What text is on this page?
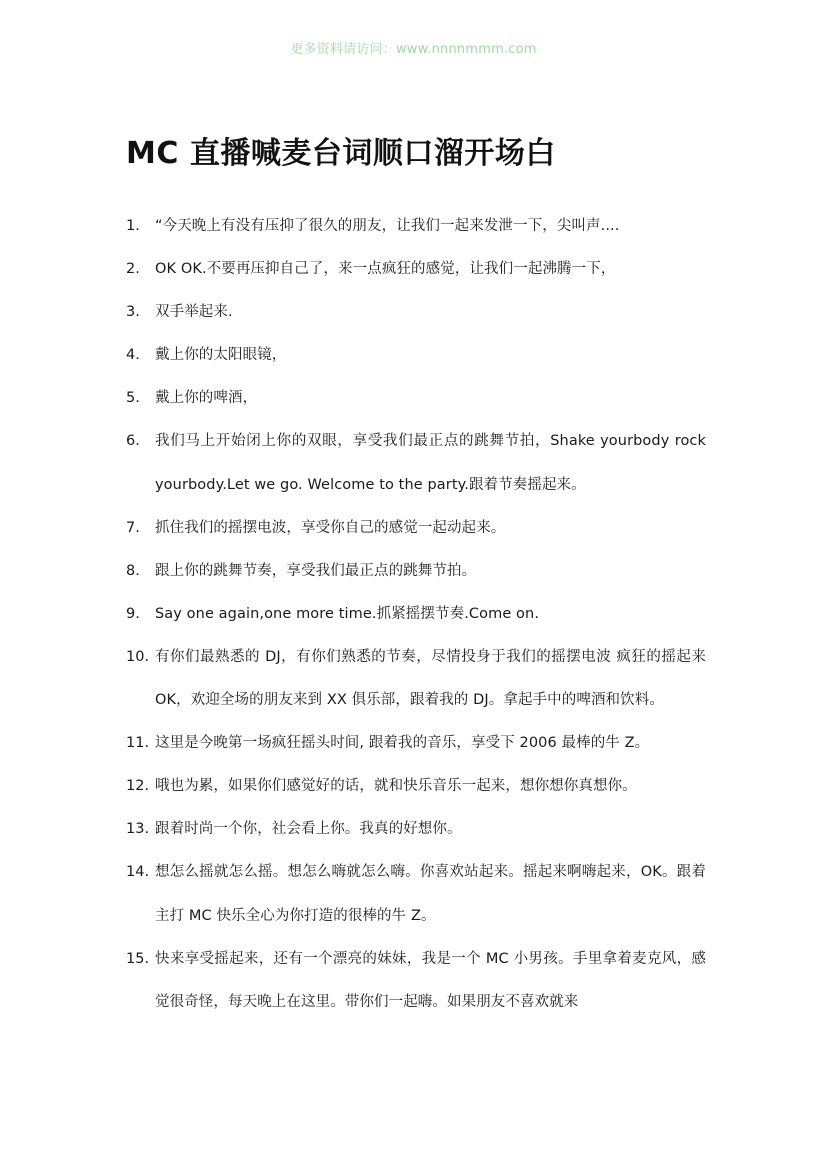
更多资料请访问：www.nnnnmmm.com
MC 直播喊麦台词顺口溜开场白
1.	“今天晚上有没有压抑了很久的朋友，让我们一起来发泄一下，尖叫声....
2.	OK OK.不要再压抑自己了，来一点疯狂的感觉，让我们一起沸腾一下，
3.	双手举起来.
4.	戴上你的太阳眼镜，
5.	戴上你的啤酒，
6.	我们马上开始闭上你的双眼，享受我们最正点的跳舞节拍，Shake yourbody rock yourbody.Let we go. Welcome to the party.跟着节奏摇起来。
7.	抓住我们的摇摆电波，享受你自己的感觉一起动起来。
8.	跟上你的跳舞节奏，享受我们最正点的跳舞节拍。
9.	Say one again,one more time.抓紧摇摆节奏.Come on.
10. 有你们最熟悉的 DJ，有你们熟悉的节奏，尽情投身于我们的摇摆电波 疯狂的摇起来 OK，欢迎全场的朋友来到 XX 俱乐部，跟着我的 DJ。拿起手中的啤酒和饮料。
11. 这里是今晚第一场疯狂摇头时间, 跟着我的音乐，享受下 2006 最棒的牛 Z。
12. 哦也为累，如果你们感觉好的话，就和快乐音乐一起来，想你想你真想你。
13. 跟着时尚一个你，社会看上你。我真的好想你。
14. 想怎么摇就怎么摇。想怎么嗨就怎么嗨。你喜欢站起来。摇起来啊嗨起来，OK。跟着主打 MC 快乐全心为你打造的很棒的牛 Z。
15. 快来享受摇起来，还有一个漂亮的妹妹，我是一个 MC 小男孩。手里拿着麦克风，感觉很奇怪，每天晚上在这里。带你们一起嗨。如果朋友不喜欢就来
